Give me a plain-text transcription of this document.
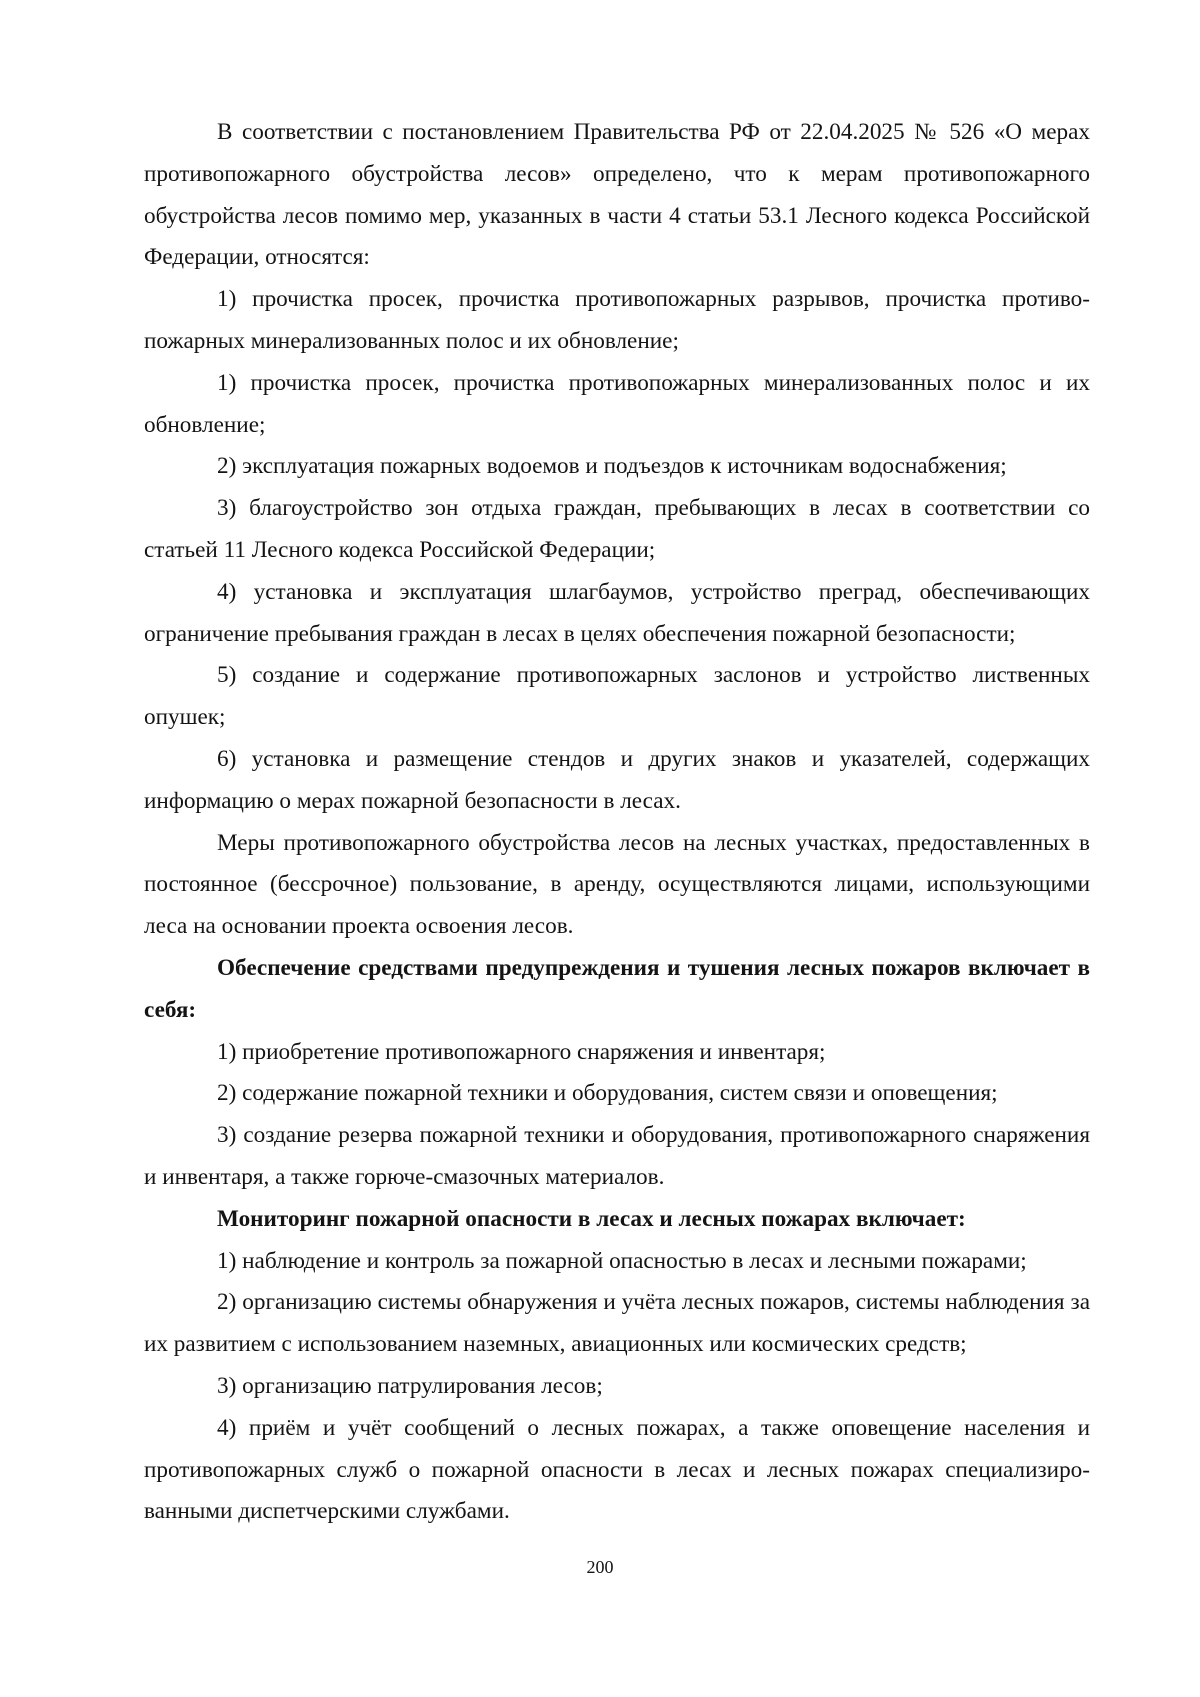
В соответствии с постановлением Правительства РФ от 22.04.2025 № 526 «О мерах противопожарного обустройства лесов» определено, что к мерам противопожарного обустройства лесов помимо мер, указанных в части 4 статьи 53.1 Лесного кодекса Российской Федерации, относятся:

1) прочистка просек, прочистка противопожарных разрывов, прочистка противопожарных минерализованных полос и их обновление;

1) прочистка просек, прочистка противопожарных минерализованных полос и их обновление;

2) эксплуатация пожарных водоемов и подъездов к источникам водоснабжения;

3) благоустройство зон отдыха граждан, пребывающих в лесах в соответствии со статьей 11 Лесного кодекса Российской Федерации;

4) установка и эксплуатация шлагбаумов, устройство преград, обеспечивающих ограничение пребывания граждан в лесах в целях обеспечения пожарной безопасности;

5) создание и содержание противопожарных заслонов и устройство лиственных опушек;

6) установка и размещение стендов и других знаков и указателей, содержащих информацию о мерах пожарной безопасности в лесах.

Меры противопожарного обустройства лесов на лесных участках, предоставленных в постоянное (бессрочное) пользование, в аренду, осуществляются лицами, использующими леса на основании проекта освоения лесов.

Обеспечение средствами предупреждения и тушения лесных пожаров включает в себя:

1) приобретение противопожарного снаряжения и инвентаря;

2) содержание пожарной техники и оборудования, систем связи и оповещения;

3) создание резерва пожарной техники и оборудования, противопожарного снаряжения и инвентаря, а также горюче-смазочных материалов.

Мониторинг пожарной опасности в лесах и лесных пожарах включает:

1) наблюдение и контроль за пожарной опасностью в лесах и лесными пожарами;

2) организацию системы обнаружения и учёта лесных пожаров, системы наблюдения за их развитием с использованием наземных, авиационных или космических средств;

3) организацию патрулирования лесов;

4) приём и учёт сообщений о лесных пожарах, а также оповещение населения и противопожарных служб о пожарной опасности в лесах и лесных пожарах специализированными диспетчерскими службами.

200
